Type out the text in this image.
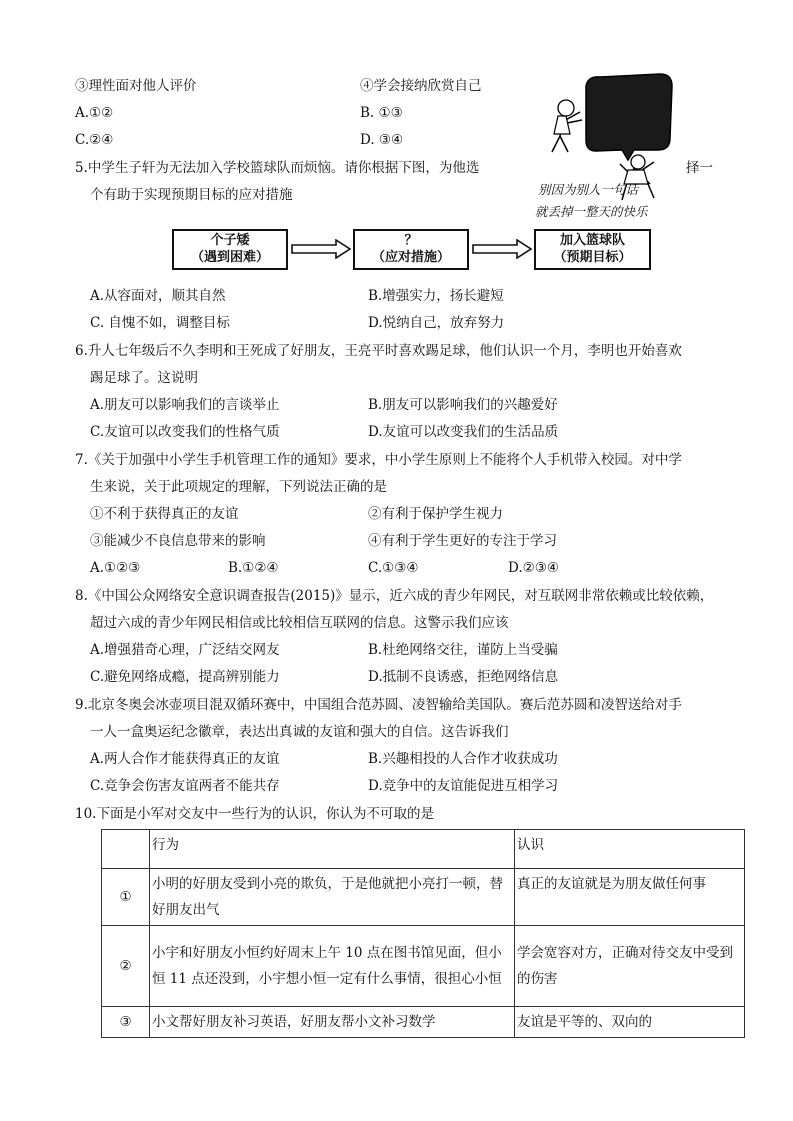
③理性面对他人评价	④学会接纳欣赏自己
A.①②	B. ①③
C.②④	D. ③④
别因为别人一句话
就丢掉一整天的快乐
5.中学生子轩为无法加入学校篮球队而烦恼。请你根据下图，为他选	择一
个有助于实现预期目标的应对措施
个子矮
（遇到困难）
？
（应对措施）
加入篮球队
（预期目标）
A.从容面对，顺其自然	B.增强实力，扬长避短
C. 自愧不如，调整目标	D.悦纳自己，放弃努力
6.升人七年级后不久李明和王死成了好朋友，王亮平时喜欢踢足球，他们认识一个月，李明也开始喜欢
踢足球了。这说明
A.朋友可以影响我们的言谈举止	B.朋友可以影响我们的兴趣爱好
C.友谊可以改变我们的性格气质	D.友谊可以改变我们的生活品质
7.《关于加强中小学生手机管理工作的通知》要求，中小学生原则上不能将个人手机带入校园。对中学
生来说，关于此项规定的理解，下列说法正确的是
①不利于获得真正的友谊	②有利于保护学生视力
③能减少不良信息带来的影响	④有利于学生更好的专注于学习
A.①②③	B.①②④	C.①③④	D.②③④
8.《中国公众网络安全意识调查报告(2015)》显示，近六成的青少年网民，对互联网非常依赖或比较依赖，
超过六成的青少年网民相信或比较相信互联网的信息。这警示我们应该
A.增强猎奇心理，广泛结交网友	B.杜绝网络交往，谨防上当受骗
C.避免网络成瘾，提高辨别能力	D.抵制不良诱惑，拒绝网络信息
9.北京冬奥会冰壶项目混双循环赛中，中国组合范苏圆、凌智输给美国队。赛后范苏圆和凌智送给对手
一人一盒奥运纪念徽章，表达出真诚的友谊和强大的自信。这告诉我们
A.两人合作才能获得真正的友谊	B.兴趣相投的人合作才收获成功
C.竞争会伤害友谊两者不能共存	D.竞争中的友谊能促进互相学习
10.下面是小军对交友中一些行为的认识，你认为不可取的是
	行为	认识
①	小明的好朋友受到小亮的欺负，于是他就把小亮打一顿，替好朋友出气	真正的友谊就是为朋友做任何事
②	小宇和好朋友小恒约好周末上午 10 点在图书馆见面，但小恒 11 点还没到，小宇想小恒一定有什么事情，很担心小恒	学会宽容对方，正确对待交友中受到的伤害
③	小文帮好朋友补习英语，好朋友帮小文补习数学	友谊是平等的、双向的
